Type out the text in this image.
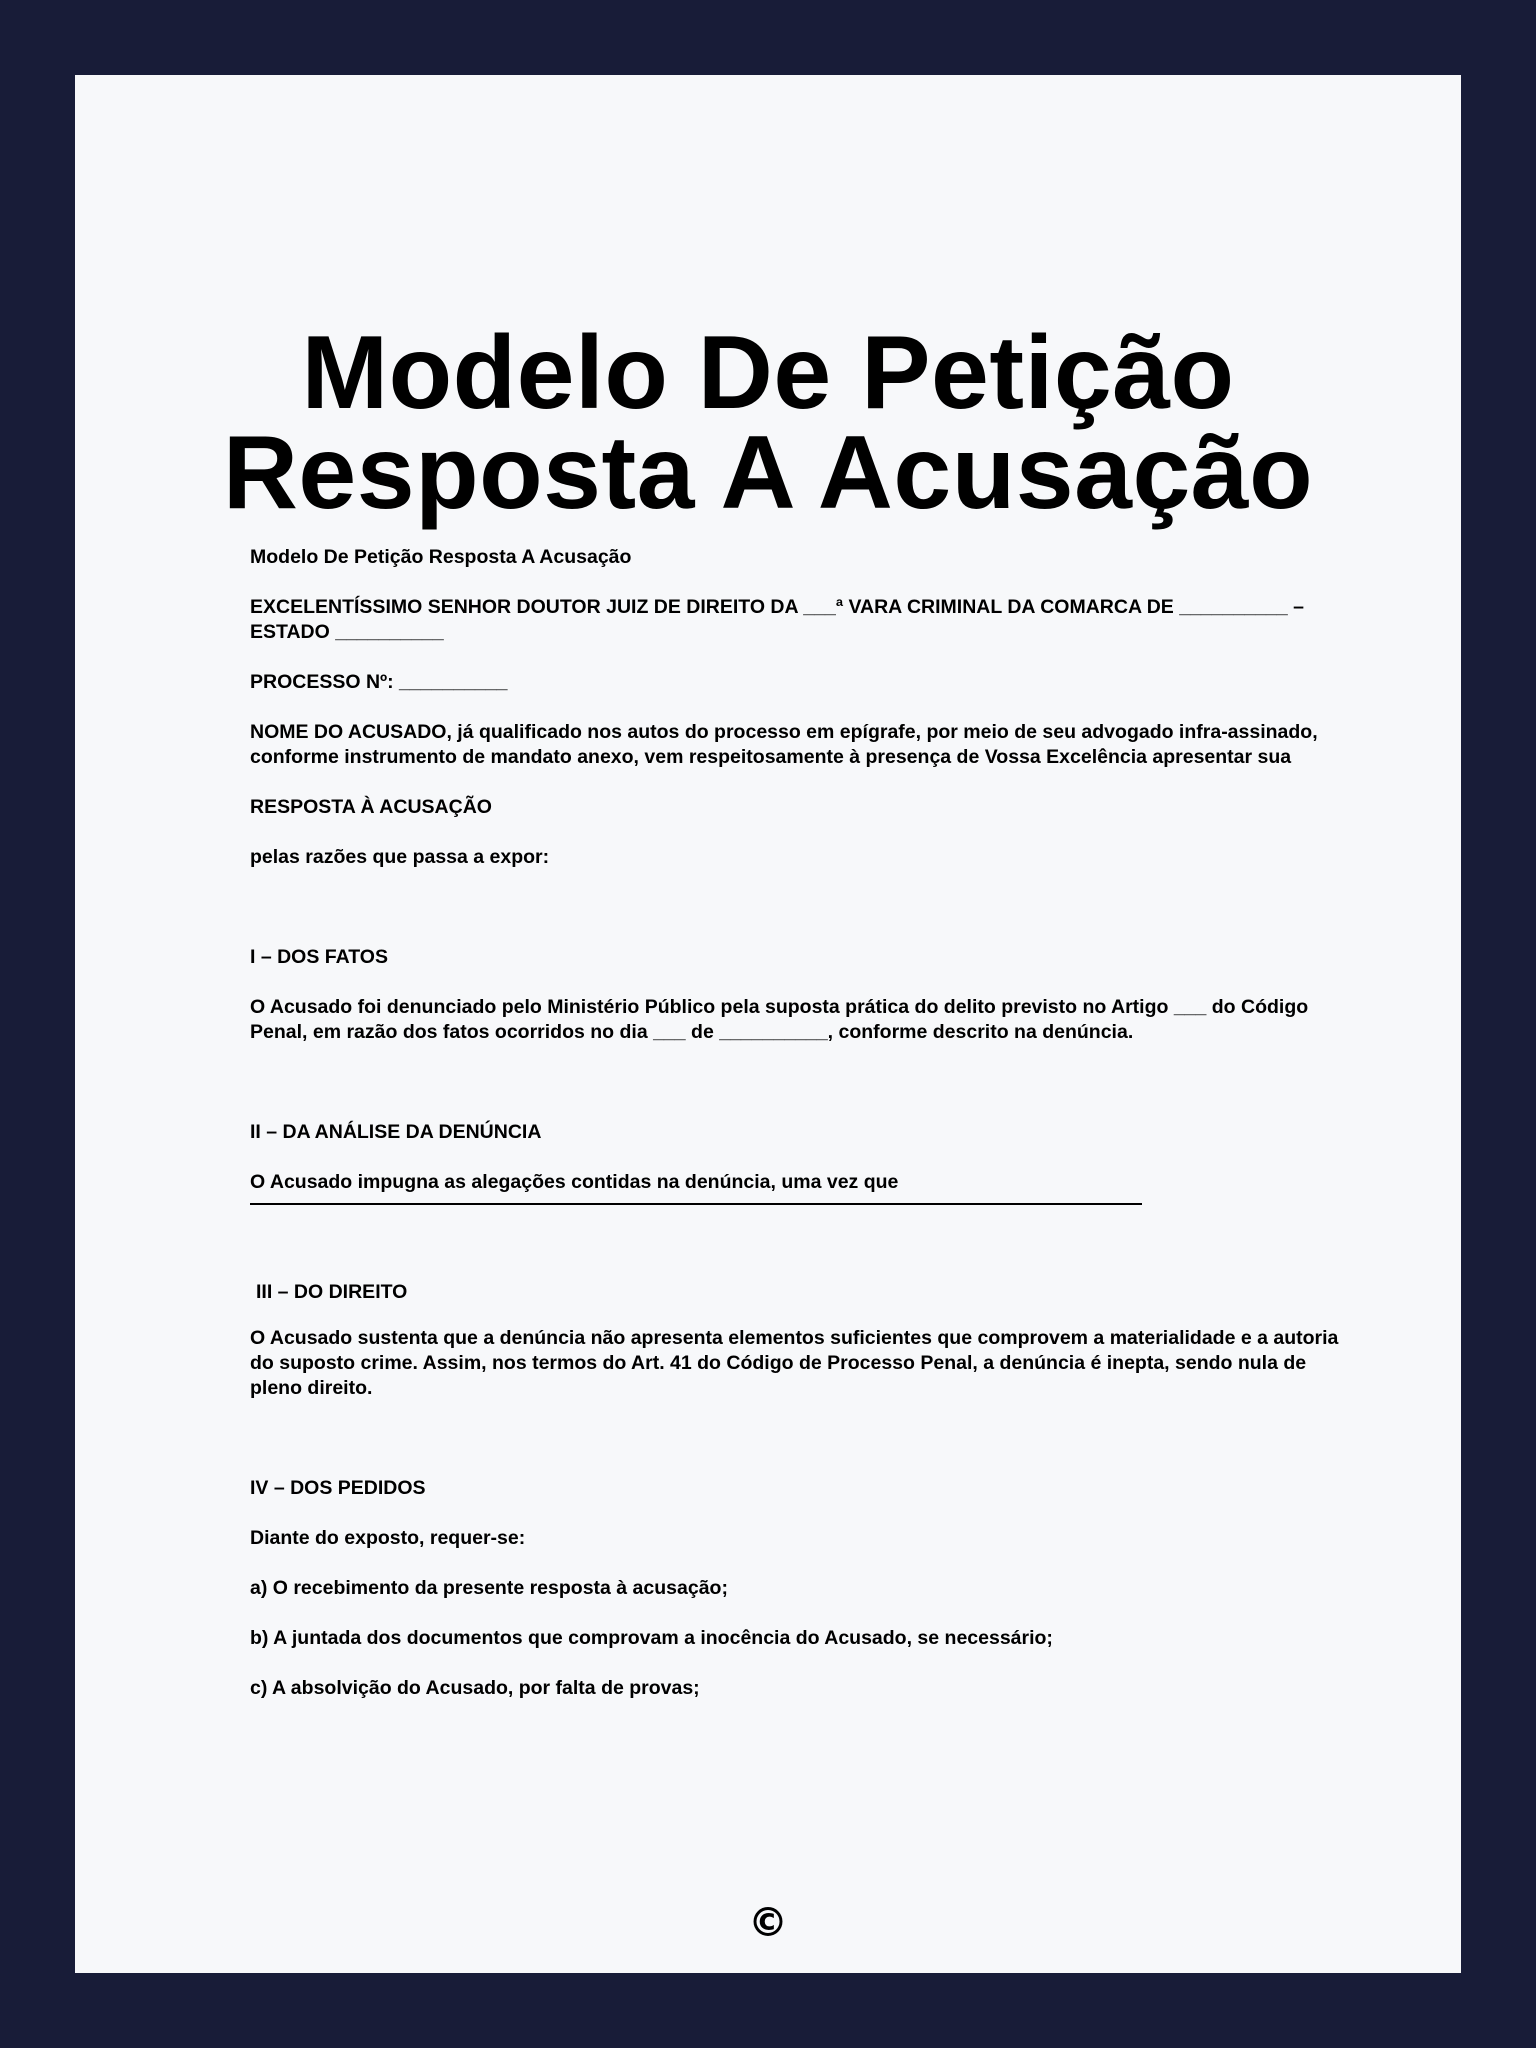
Modelo De Petição Resposta A Acusação

Modelo De Petição Resposta A Acusação

EXCELENTÍSSIMO SENHOR DOUTOR JUIZ DE DIREITO DA ___ª VARA CRIMINAL DA COMARCA DE __________ – ESTADO __________

PROCESSO Nº: __________

NOME DO ACUSADO, já qualificado nos autos do processo em epígrafe, por meio de seu advogado infra-assinado, conforme instrumento de mandato anexo, vem respeitosamente à presença de Vossa Excelência apresentar sua

RESPOSTA À ACUSAÇÃO

pelas razões que passa a expor:

I – DOS FATOS

O Acusado foi denunciado pelo Ministério Público pela suposta prática do delito previsto no Artigo ___ do Código Penal, em razão dos fatos ocorridos no dia ___ de __________, conforme descrito na denúncia.

II – DA ANÁLISE DA DENÚNCIA

O Acusado impugna as alegações contidas na denúncia, uma vez que

III – DO DIREITO

O Acusado sustenta que a denúncia não apresenta elementos suficientes que comprovem a materialidade e a autoria do suposto crime. Assim, nos termos do Art. 41 do Código de Processo Penal, a denúncia é inepta, sendo nula de pleno direito.

IV – DOS PEDIDOS

Diante do exposto, requer-se:

a) O recebimento da presente resposta à acusação;

b) A juntada dos documentos que comprovam a inocência do Acusado, se necessário;

c) A absolvição do Acusado, por falta de provas;

©
